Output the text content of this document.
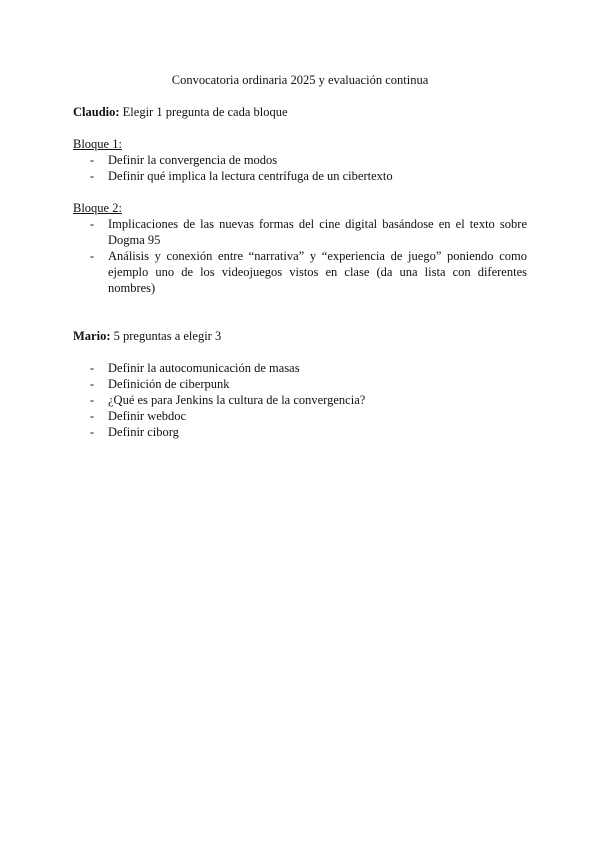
Convocatoria ordinaria 2025 y evaluación continua

Claudio: Elegir 1 pregunta de cada bloque

Bloque 1:

- Definir la convergencia de modos
- Definir qué implica la lectura centrífuga de un cibertexto

Bloque 2:

- Implicaciones de las nuevas formas del cine digital basándose en el texto sobre Dogma 95
- Análisis y conexión entre “narrativa” y “experiencia de juego” poniendo como ejemplo uno de los videojuegos vistos en clase (da una lista con diferentes nombres)

Mario: 5 preguntas a elegir 3

- Definir la autocomunicación de masas
- Definición de ciberpunk
- ¿Qué es para Jenkins la cultura de la convergencia?
- Definir webdoc
- Definir ciborg
